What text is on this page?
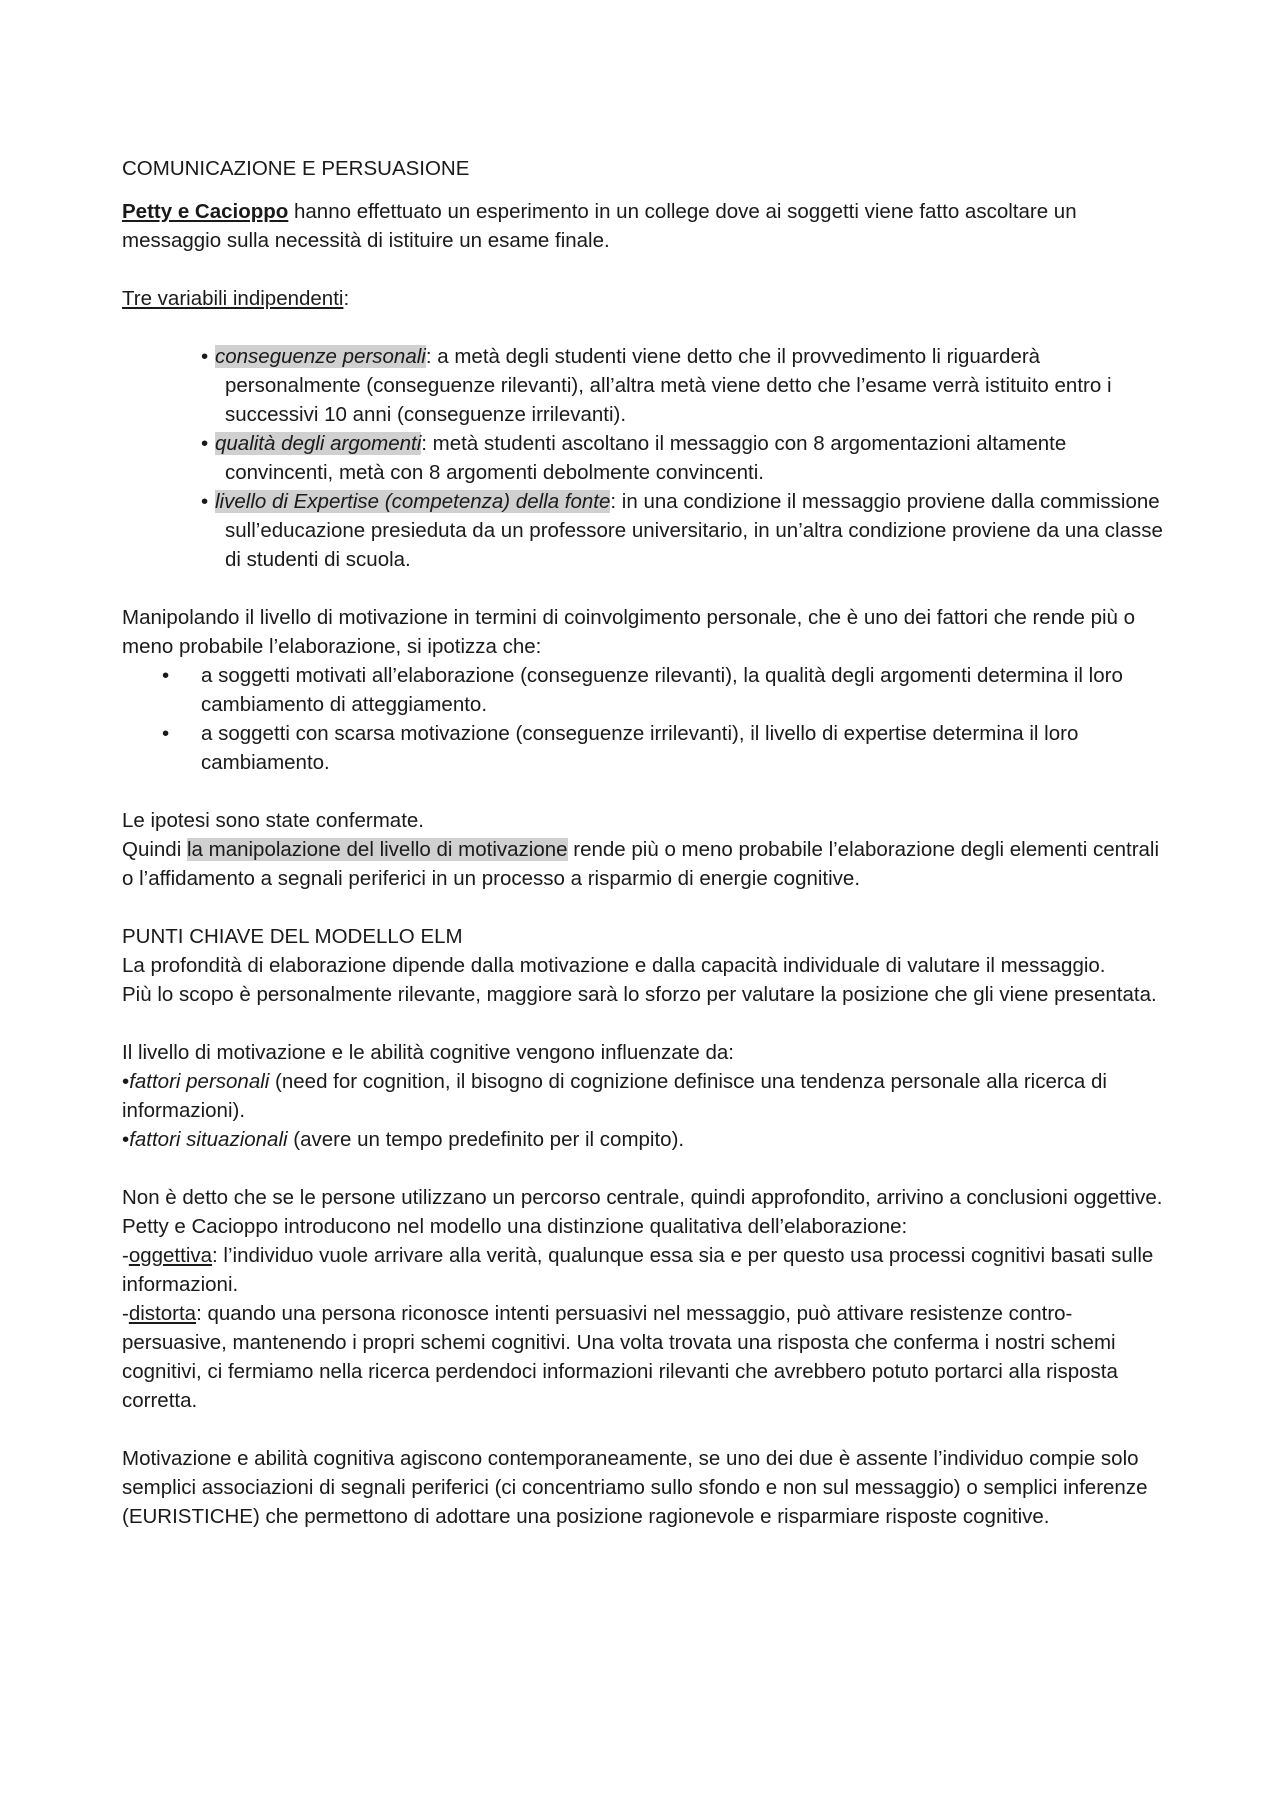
COMUNICAZIONE E PERSUASIONE

Petty e Cacioppo hanno effettuato un esperimento in un college dove ai soggetti viene fatto ascoltare un messaggio sulla necessità di istituire un esame finale.

Tre variabili indipendenti:

• conseguenze personali: a metà degli studenti viene detto che il provvedimento li riguarderà personalmente (conseguenze rilevanti), all’altra metà viene detto che l’esame verrà istituito entro i successivi 10 anni (conseguenze irrilevanti).
• qualità degli argomenti: metà studenti ascoltano il messaggio con 8 argomentazioni altamente convincenti, metà con 8 argomenti debolmente convincenti.
• livello di Expertise (competenza) della fonte: in una condizione il messaggio proviene dalla commissione sull’educazione presieduta da un professore universitario, in un’altra condizione proviene da una classe di studenti di scuola.

Manipolando il livello di motivazione in termini di coinvolgimento personale, che è uno dei fattori che rende più o meno probabile l’elaborazione, si ipotizza che:

• a soggetti motivati all’elaborazione (conseguenze rilevanti), la qualità degli argomenti determina il loro cambiamento di atteggiamento.
• a soggetti con scarsa motivazione (conseguenze irrilevanti), il livello di expertise determina il loro cambiamento.

Le ipotesi sono state confermate.

Quindi la manipolazione del livello di motivazione rende più o meno probabile l’elaborazione degli elementi centrali o l’affidamento a segnali periferici in un processo a risparmio di energie cognitive.

PUNTI CHIAVE DEL MODELLO ELM

La profondità di elaborazione dipende dalla motivazione e dalla capacità individuale di valutare il messaggio.

Più lo scopo è personalmente rilevante, maggiore sarà lo sforzo per valutare la posizione che gli viene presentata.

Il livello di motivazione e le abilità cognitive vengono influenzate da:

•fattori personali (need for cognition, il bisogno di cognizione definisce una tendenza personale alla ricerca di informazioni).

•fattori situazionali (avere un tempo predefinito per il compito).

Non è detto che se le persone utilizzano un percorso centrale, quindi approfondito, arrivino a conclusioni oggettive.

Petty e Cacioppo introducono nel modello una distinzione qualitativa dell’elaborazione:

-oggettiva: l’individuo vuole arrivare alla verità, qualunque essa sia e per questo usa processi cognitivi basati sulle informazioni.

-distorta: quando una persona riconosce intenti persuasivi nel messaggio, può attivare resistenze contro-persuasive, mantenendo i propri schemi cognitivi. Una volta trovata una risposta che conferma i nostri schemi cognitivi, ci fermiamo nella ricerca perdendoci informazioni rilevanti che avrebbero potuto portarci alla risposta corretta.

Motivazione e abilità cognitiva agiscono contemporaneamente, se uno dei due è assente l’individuo compie solo semplici associazioni di segnali periferici (ci concentriamo sullo sfondo e non sul messaggio) o semplici inferenze (EURISTICHE) che permettono di adottare una posizione ragionevole e risparmiare risposte cognitive.
